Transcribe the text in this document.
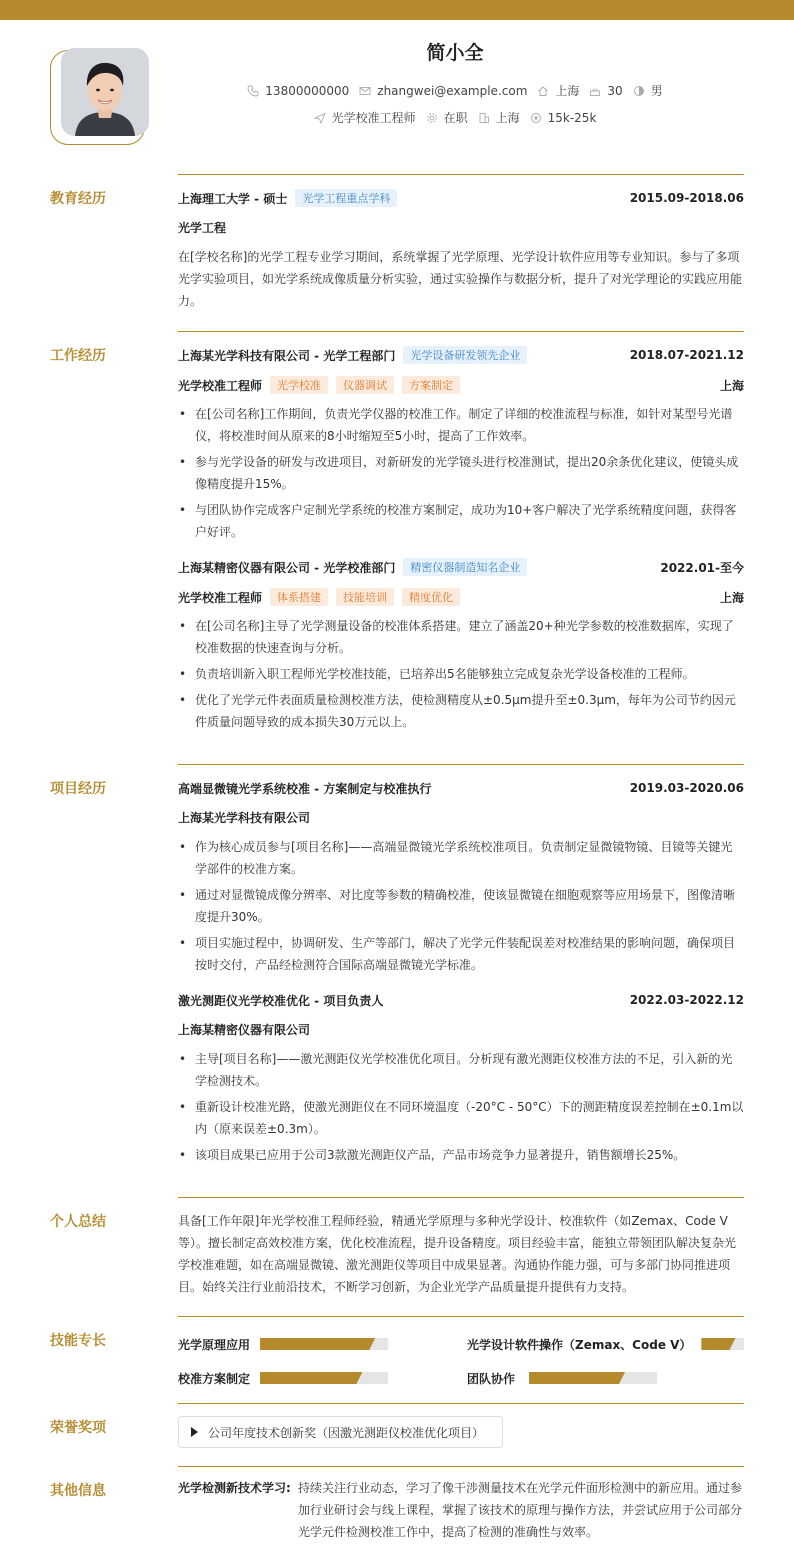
简小全
13800000000 zhangwei@example.com 上海 30 男
光学校准工程师 在职 上海 15k-25k
教育经历	上海理工大学 - 硕士	光学工程重点学科	2015.09-2018.06
光学工程
在[学校名称]的光学工程专业学习期间，系统掌握了光学原理、光学设计软件应用等专业知识。参与了多项光学实验项目，如光学系统成像质量分析实验，通过实验操作与数据分析，提升了对光学理论的实践应用能力。
工作经历	上海某光学科技有限公司 - 光学工程部门	光学设备研发领先企业	2018.07-2021.12
光学校准工程师	光学校准	仪器调试	方案制定	上海
• 在[公司名称]工作期间，负责光学仪器的校准工作。制定了详细的校准流程与标准，如针对某型号光谱仪，将校准时间从原来的8小时缩短至5小时，提高了工作效率。
• 参与光学设备的研发与改进项目，对新研发的光学镜头进行校准测试，提出20余条优化建议，使镜头成像精度提升15%。
• 与团队协作完成客户定制光学系统的校准方案制定，成功为10+客户解决了光学系统精度问题，获得客户好评。
上海某精密仪器有限公司 - 光学校准部门	精密仪器制造知名企业	2022.01-至今
光学校准工程师	体系搭建	技能培训	精度优化	上海
• 在[公司名称]主导了光学测量设备的校准体系搭建。建立了涵盖20+种光学参数的校准数据库，实现了校准数据的快速查询与分析。
• 负责培训新入职工程师光学校准技能，已培养出5名能够独立完成复杂光学设备校准的工程师。
• 优化了光学元件表面质量检测校准方法，使检测精度从±0.5μm提升至±0.3μm，每年为公司节约因元件质量问题导致的成本损失30万元以上。
项目经历	高端显微镜光学系统校准 - 方案制定与校准执行	2019.03-2020.06
上海某光学科技有限公司
• 作为核心成员参与[项目名称]——高端显微镜光学系统校准项目。负责制定显微镜物镜、目镜等关键光学部件的校准方案。
• 通过对显微镜成像分辨率、对比度等参数的精确校准，使该显微镜在细胞观察等应用场景下，图像清晰度提升30%。
• 项目实施过程中，协调研发、生产等部门，解决了光学元件装配误差对校准结果的影响问题，确保项目按时交付，产品经检测符合国际高端显微镜光学标准。
激光测距仪光学校准优化 - 项目负责人	2022.03-2022.12
上海某精密仪器有限公司
• 主导[项目名称]——激光测距仪光学校准优化项目。分析现有激光测距仪校准方法的不足，引入新的光学检测技术。
• 重新设计校准光路，使激光测距仪在不同环境温度（-20°C - 50°C）下的测距精度误差控制在±0.1m以内（原来误差±0.3m）。
• 该项目成果已应用于公司3款激光测距仪产品，产品市场竞争力显著提升，销售额增长25%。
个人总结	具备[工作年限]年光学校准工程师经验，精通光学原理与多种光学设计、校准软件（如Zemax、Code V等）。擅长制定高效校准方案，优化校准流程，提升设备精度。项目经验丰富，能独立带领团队解决复杂光学校准难题，如在高端显微镜、激光测距仪等项目中成果显著。沟通协作能力强，可与多部门协同推进项目。始终关注行业前沿技术，不断学习创新，为企业光学产品质量提升提供有力支持。
技能专长	光学原理应用	光学设计软件操作（Zemax、Code V）
校准方案制定	团队协作
荣誉奖项	公司年度技术创新奖（因激光测距仪校准优化项目）
其他信息	光学检测新技术学习: 持续关注行业动态，学习了像干涉测量技术在光学元件面形检测中的新应用。通过参加行业研讨会与线上课程，掌握了该技术的原理与操作方法，并尝试应用于公司部分光学元件检测校准工作中，提高了检测的准确性与效率。
